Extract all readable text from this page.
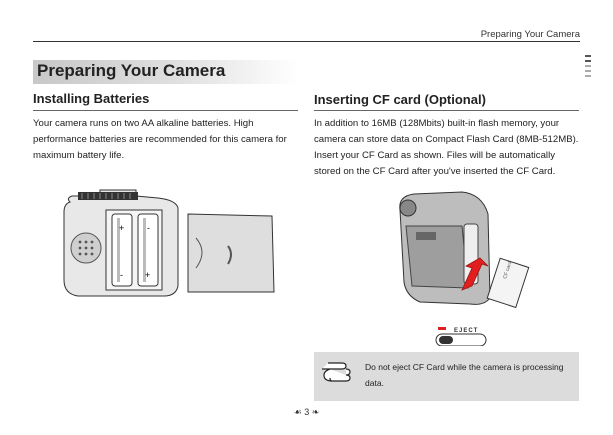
Preparing Your Camera
Preparing Your Camera
Installing Batteries
Your camera runs on two AA alkaline batteries. High performance batteries are recommended for this camera for maximum battery life.
Inserting CF card (Optional)
In addition to 16MB (128Mbits) built-in flash memory, your camera can store data on Compact Flash Card (8MB-512MB). Insert your CF Card as shown. Files will be automatically stored on the CF Card after you've inserted the CF Card.
+	-
- +	CF card
EJECT
Do not eject CF Card while the camera is processing data.
☙ 3 ❧
